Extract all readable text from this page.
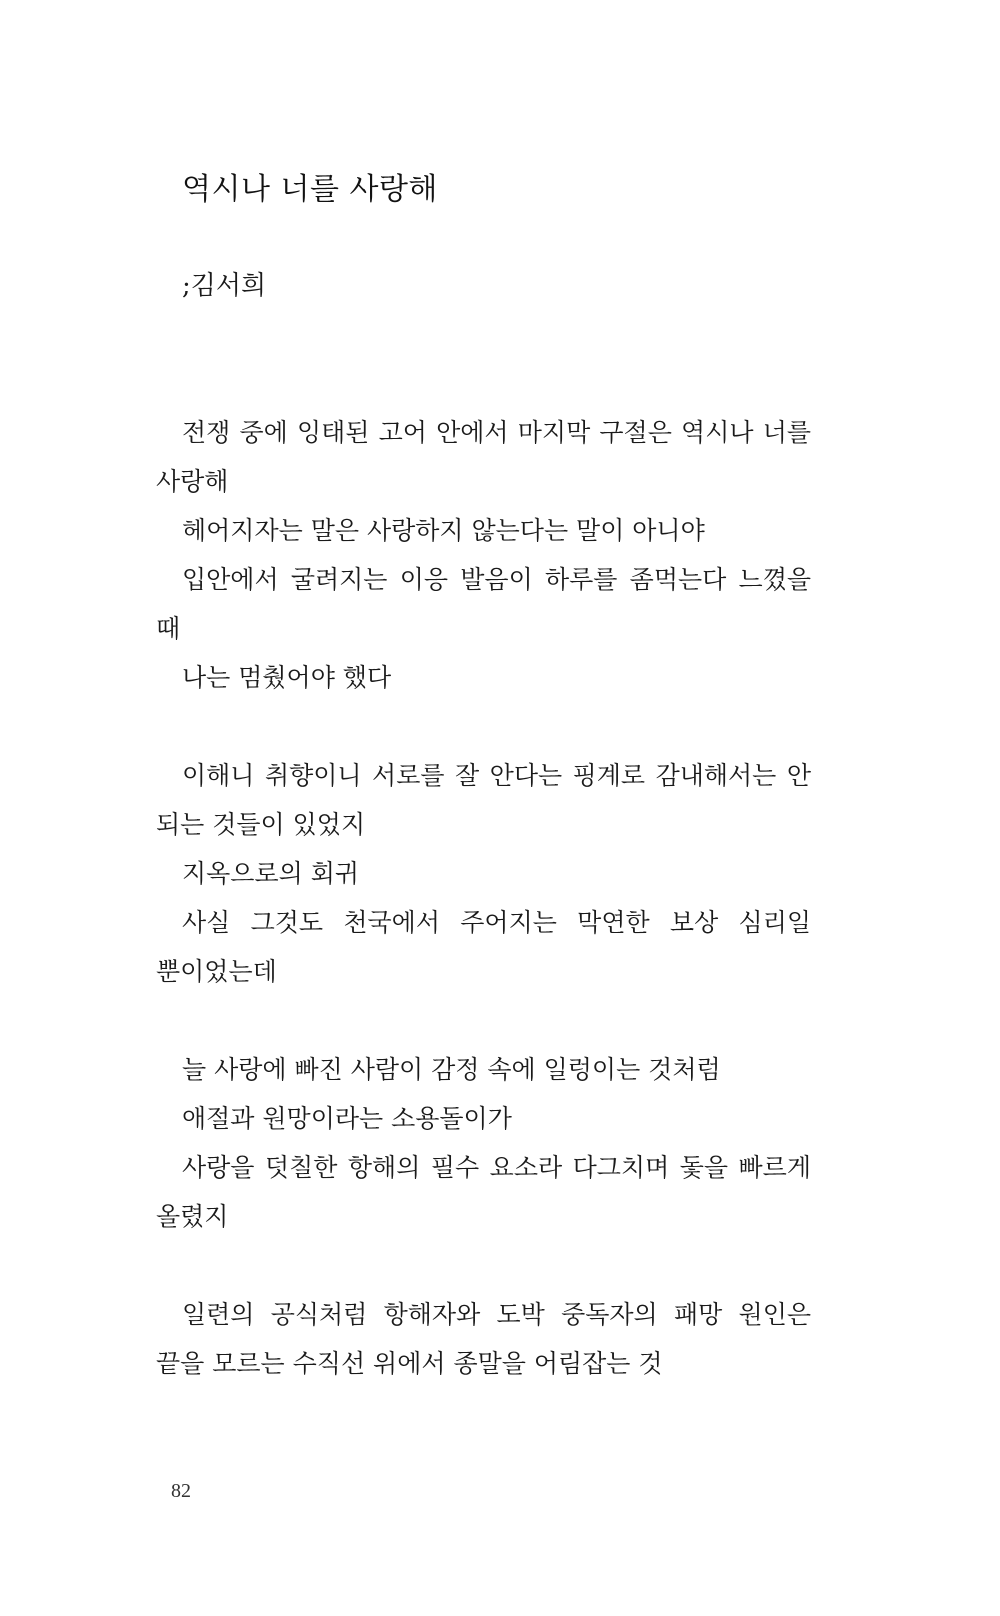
역시나 너를 사랑해

;김서희

전쟁 중에 잉태된 고어 안에서 마지막 구절은 역시나 너를 사랑해

헤어지자는 말은 사랑하지 않는다는 말이 아니야

입안에서 굴려지는 이응 발음이 하루를 좀먹는다 느꼈을 때

나는 멈췄어야 했다

이해니 취향이니 서로를 잘 안다는 핑계로 감내해서는 안 되는 것들이 있었지

지옥으로의 회귀

사실 그것도 천국에서 주어지는 막연한 보상 심리일 뿐이었는데

늘 사랑에 빠진 사람이 감정 속에 일렁이는 것처럼

애절과 원망이라는 소용돌이가

사랑을 덧칠한 항해의 필수 요소라 다그치며 돛을 빠르게 올렸지

일련의 공식처럼 항해자와 도박 중독자의 패망 원인은 끝을 모르는 수직선 위에서 종말을 어림잡는 것

82
